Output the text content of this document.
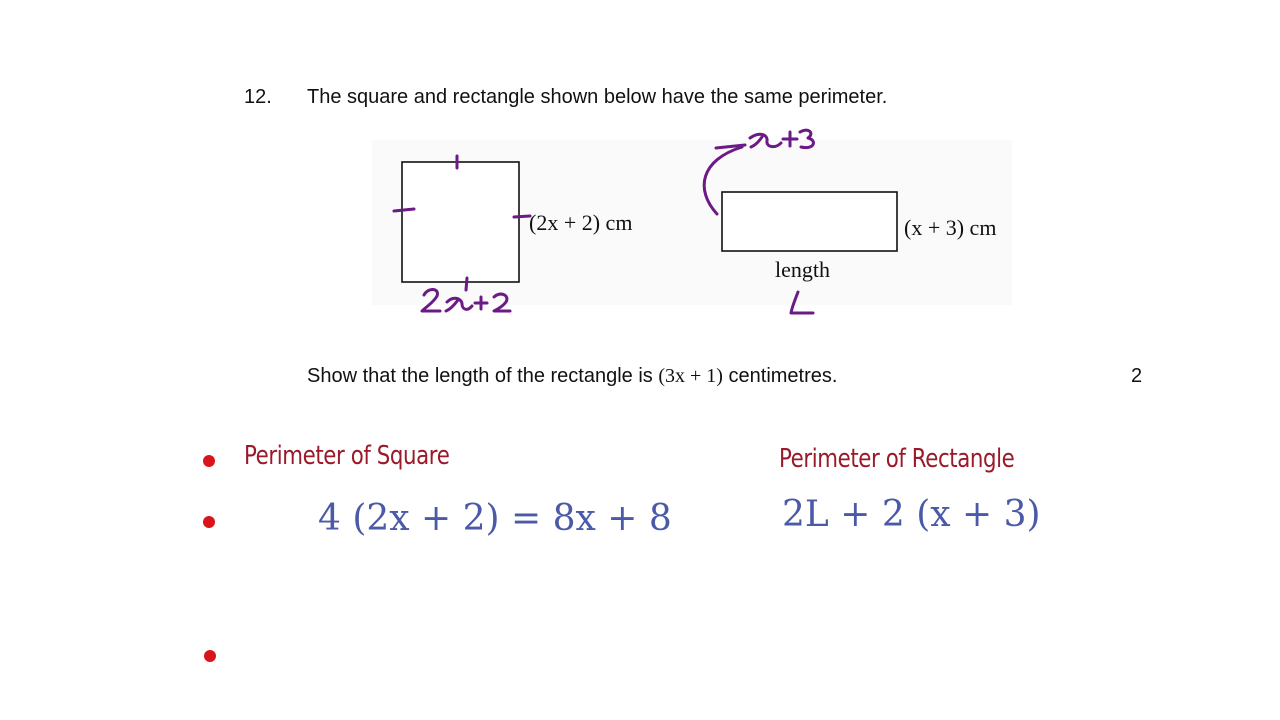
12. The square and rectangle shown below have the same perimeter.
(2x + 2) cm	(x + 3) cm
length
Show that the length of the rectangle is (3x + 1) centimetres.	2
Perimeter of Square	Perimeter of Rectangle
4 (2x + 2) = 8x + 8	2L + 2 (x + 3)
